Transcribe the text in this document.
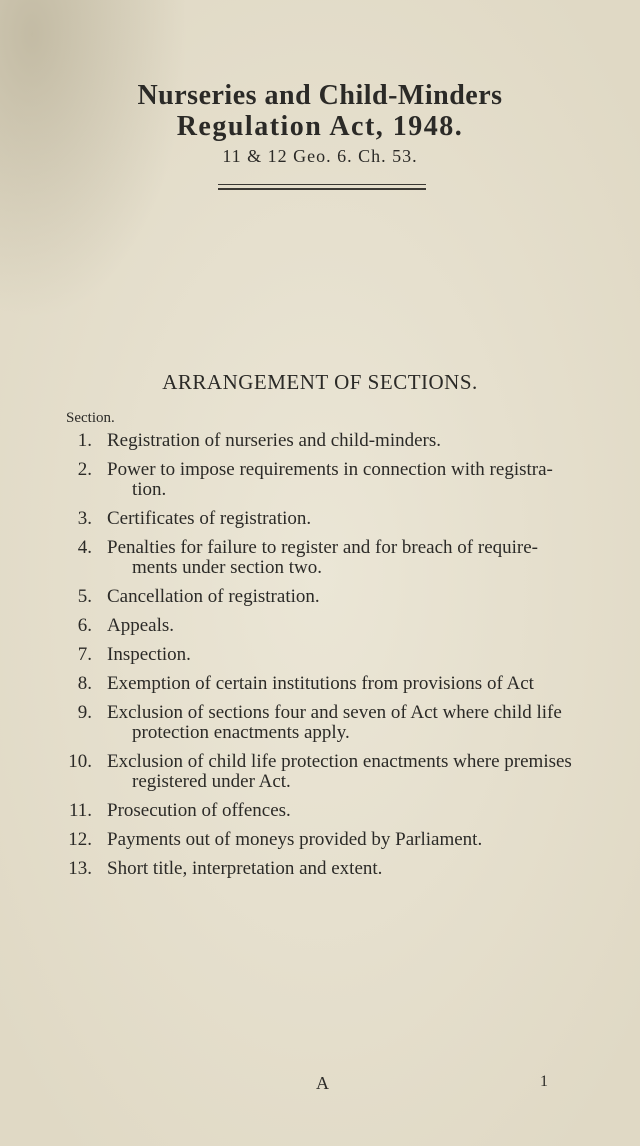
Nurseries and Child-Minders
Regulation Act, 1948.
11 & 12 Geo. 6. Ch. 53.
ARRANGEMENT OF SECTIONS.
Section.
1. Registration of nurseries and child-minders.
2. Power to impose requirements in connection with registra-
tion.
3. Certificates of registration.
4. Penalties for failure to register and for breach of require-
ments under section two.
5. Cancellation of registration.
6. Appeals.
7. Inspection.
8. Exemption of certain institutions from provisions of Act
9. Exclusion of sections four and seven of Act where child life
protection enactments apply.
10. Exclusion of child life protection enactments where premises
registered under Act.
11. Prosecution of offences.
12. Payments out of moneys provided by Parliament.
13. Short title, interpretation and extent.
A	1
